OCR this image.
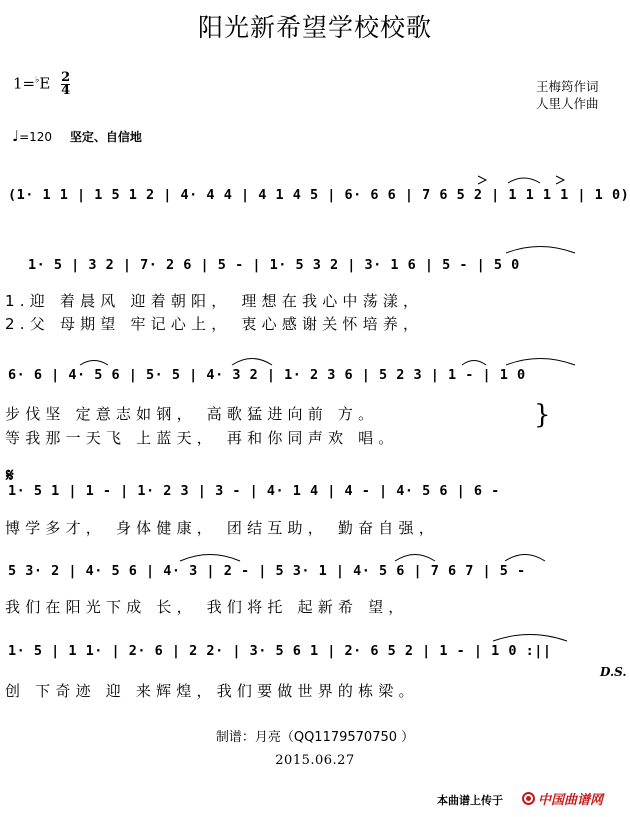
阳光新希望学校校歌
王梅筠作词
人里人作曲
$1=^♭E \frac{2}{4}$
♩=120 坚定、自信地
(1· 1 1 | 1 5 1 2 | 4· 4 4 | 4 1 4 5 | 6· 6 6 | 7 6 5 2 | 1 1 1 1 | 1 0)
1· 5 | 3 2 | 7· 2 6 | 5 - | 1· 5 3 2 | 3· 1 6 | 5 - | 5 0
1.迎 着晨风 迎着朝阳， 理想在我心中荡漾，
2.父 母期望 牢记心上， 衷心感谢关怀培养，
6· 6 | 4· 5 6 | 5· 5 | 4· 3 2 | 1· 2 3 6 | 5 2 3 | 1 - | 1 0
步伐坚 定意志如钢， 高歌猛进向前 方。
等我那一天飞 上蓝天， 再和你同声欢 唱。
}
𝄋
1· 5 1 | 1 - | 1· 2 3 | 3 - | 4· 1 4 | 4 - | 4· 5 6 | 6 -
博学多才， 身体健康， 团结互助， 勤奋自强，
5 3· 2 | 4· 5 6 | 4· 3 | 2 - | 5 3· 1 | 4· 5 6 | 7 6 7 | 5 -
我们在阳光下成 长， 我们将托 起新希 望，
1· 5 | 1 1· | 2· 6 | 2 2· | 3· 5 6 1 | 2· 6 5 2 | 1 - | 1 0 :||
创 下奇迹 迎 来辉煌，我们要做世界的栋梁。
D.S.
制谱：月亮（QQ1179570750 ）
2015.06.27
本曲谱上传于	中国曲谱网
